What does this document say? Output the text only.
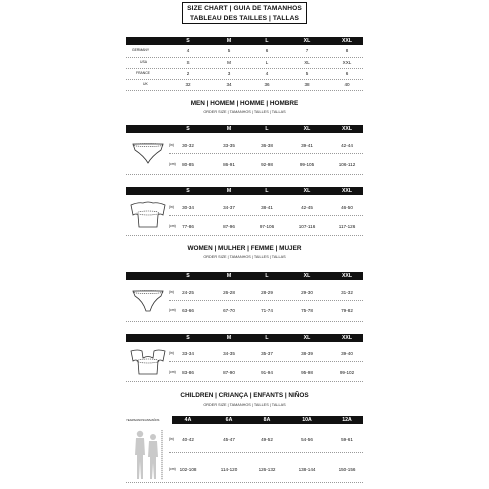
SIZE CHART | GUIA DE TAMANHOS
TABLEAU DES TAILLES | TALLAS
S	M	L	XL	XXL
GERMANY	4	5	6	7	8
USA	S	M	L	XL	XXL
FRANCE	2	3	4	5	6
UK	32	34	36	38	40
MEN | HOMEM | HOMME | HOMBRE
ORDER SIZE | TAMANHOS | TAILLES | TALLAS
S	M	L	XL	XXL
(in) 30-32	33-35	36-38	39-41	42-44
(cm) 80-85	86-91	92-98	99-105	106-112
S	M	L	XL	XXL
(in) 30-34	34-37	38-41	42-45	46-50
(cm) 77-86	87-96	97-106	107-116	117-126
WOMEN | MULHER | FEMME | MUJER
ORDER SIZE | TAMANHOS | TAILLES | TALLAS
S	M	L	XL	XXL
(in) 24-25	26-28	28-29	29-30	31-32
(cm) 63-66	67-70	71-74	75-78	79-82
S	M	L	XL	XXL
(in) 33-34	34-35	35-37	38-39	39-40
(cm) 83-86	87-90	91-94	95-98	99-102
CHILDREN | CRIANÇA | ENFANTS | NIÑOS
ORDER SIZE | TAMANHOS | TAILLES | TALLAS
YEARS/ANOS/ANS/AÑOS	4A	6A	8A	10A	12A
(in) 40-42	45-47	49-52	54-56	59-61
(cm) 102-108	114-120	126-132	138-144	150-156
